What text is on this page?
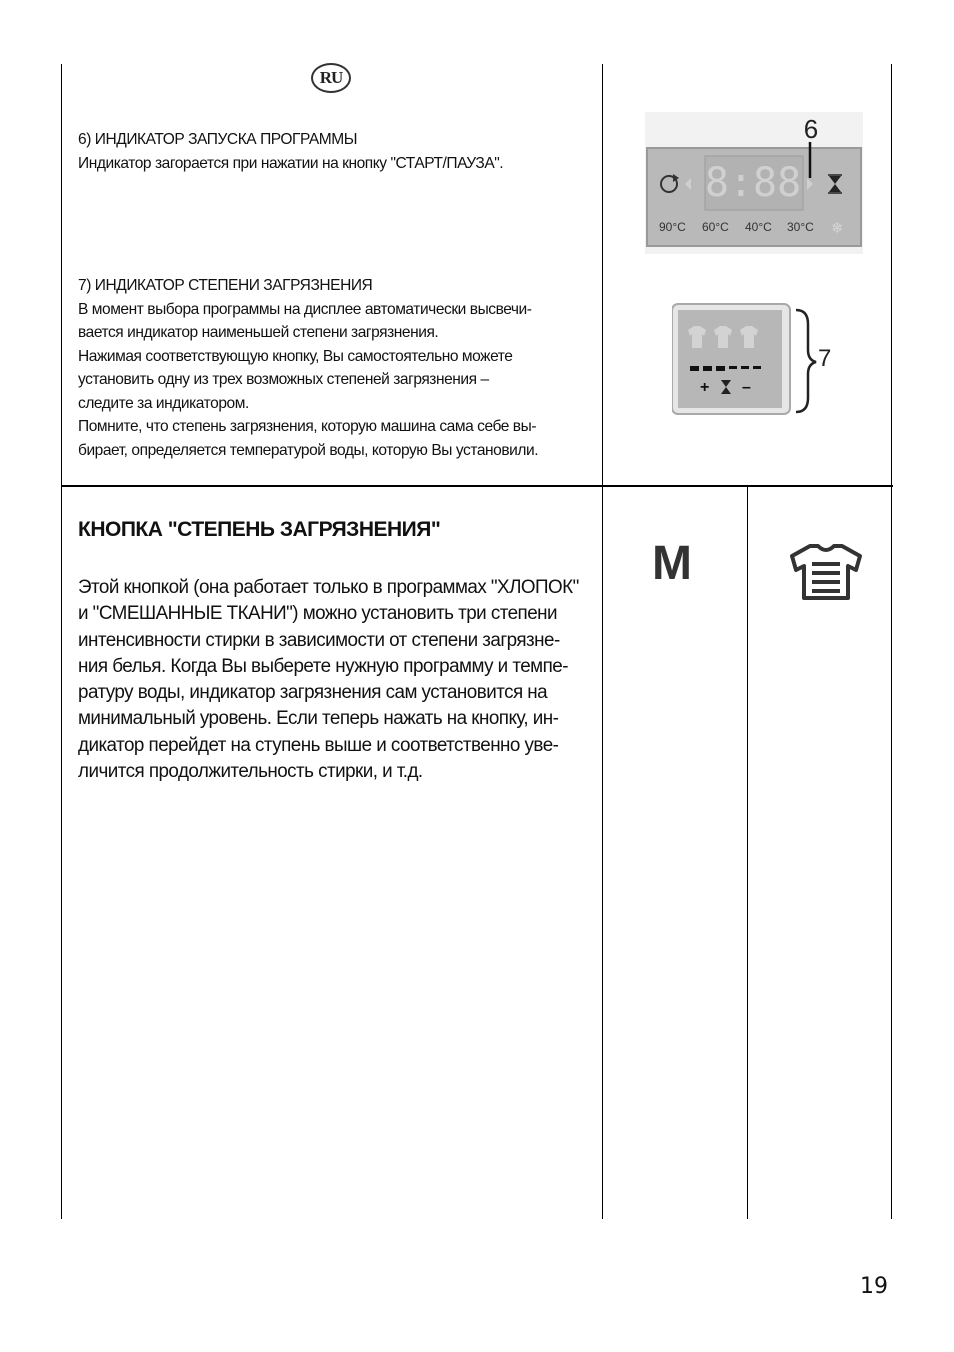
RU

6) ИНДИКАТОР ЗАПУСКА ПРОГРАММЫ

Индикатор загорается при нажатии на кнопку "СТАРТ/ПАУЗА".

7) ИНДИКАТОР СТЕПЕНИ ЗАГРЯЗНЕНИЯ

В момент выбора программы на дисплее автоматически высвечи-

вается индикатор наименьшей степени загрязнения.

Нажимая соответствующую кнопку, Вы самостоятельно можете

установить одну из трех возможных степеней загрязнения –

следите за индикатором.

Помните, что степень загрязнения, которую машина сама себе вы-

бирает, определяется температурой воды, которую Вы установили.

8:88
6
90°C 60°C 40°C 30°C ❄
+ –
7
КНОПКА "СТЕПЕНЬ ЗАГРЯЗНЕНИЯ"

Этой кнопкой (она работает только в программах "ХЛОПОК"

и "СМЕШАННЫЕ ТКАНИ") можно установить три степени

интенсивности стирки в зависимости от степени загрязне-

ния белья. Когда Вы выберете нужную программу и темпе-

ратуру воды, индикатор загрязнения сам установится на

минимальный уровень. Если теперь нажать на кнопку, ин-

дикатор перейдет на ступень выше и соответственно уве-

личится продолжительность стирки, и т.д.

M
19
